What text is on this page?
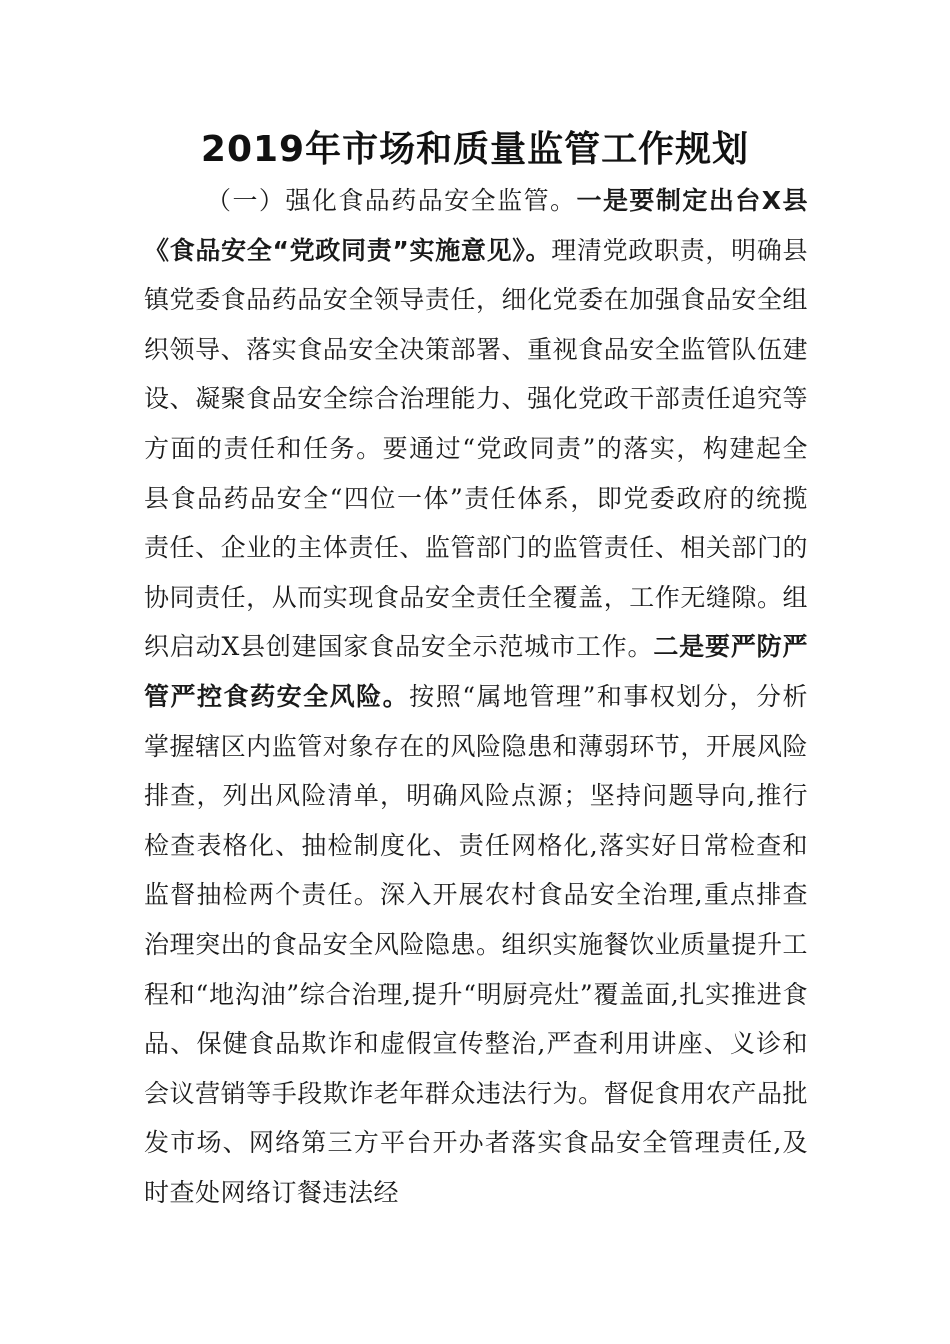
2019年市场和质量监管工作规划

（一）强化食品药品安全监管。一是要制定出台X县《食品安全“党政同责”实施意见》。理清党政职责，明确县镇党委食品药品安全领导责任，细化党委在加强食品安全组织领导、落实食品安全决策部署、重视食品安全监管队伍建设、凝聚食品安全综合治理能力、强化党政干部责任追究等方面的责任和任务。要通过“党政同责”的落实，构建起全县食品药品安全“四位一体”责任体系，即党委政府的统揽责任、企业的主体责任、监管部门的监管责任、相关部门的协同责任，从而实现食品安全责任全覆盖，工作无缝隙。组织启动X县创建国家食品安全示范城市工作。二是要严防严管严控食药安全风险。按照“属地管理”和事权划分，分析掌握辖区内监管对象存在的风险隐患和薄弱环节，开展风险排查，列出风险清单，明确风险点源；坚持问题导向,推行检查表格化、抽检制度化、责任网格化,落实好日常检查和监督抽检两个责任。深入开展农村食品安全治理,重点排查治理突出的食品安全风险隐患。组织实施餐饮业质量提升工程和“地沟油”综合治理,提升“明厨亮灶”覆盖面,扎实推进食品、保健食品欺诈和虚假宣传整治,严查利用讲座、义诊和会议营销等手段欺诈老年群众违法行为。督促食用农产品批发市场、网络第三方平台开办者落实食品安全管理责任,及时查处网络订餐违法经
